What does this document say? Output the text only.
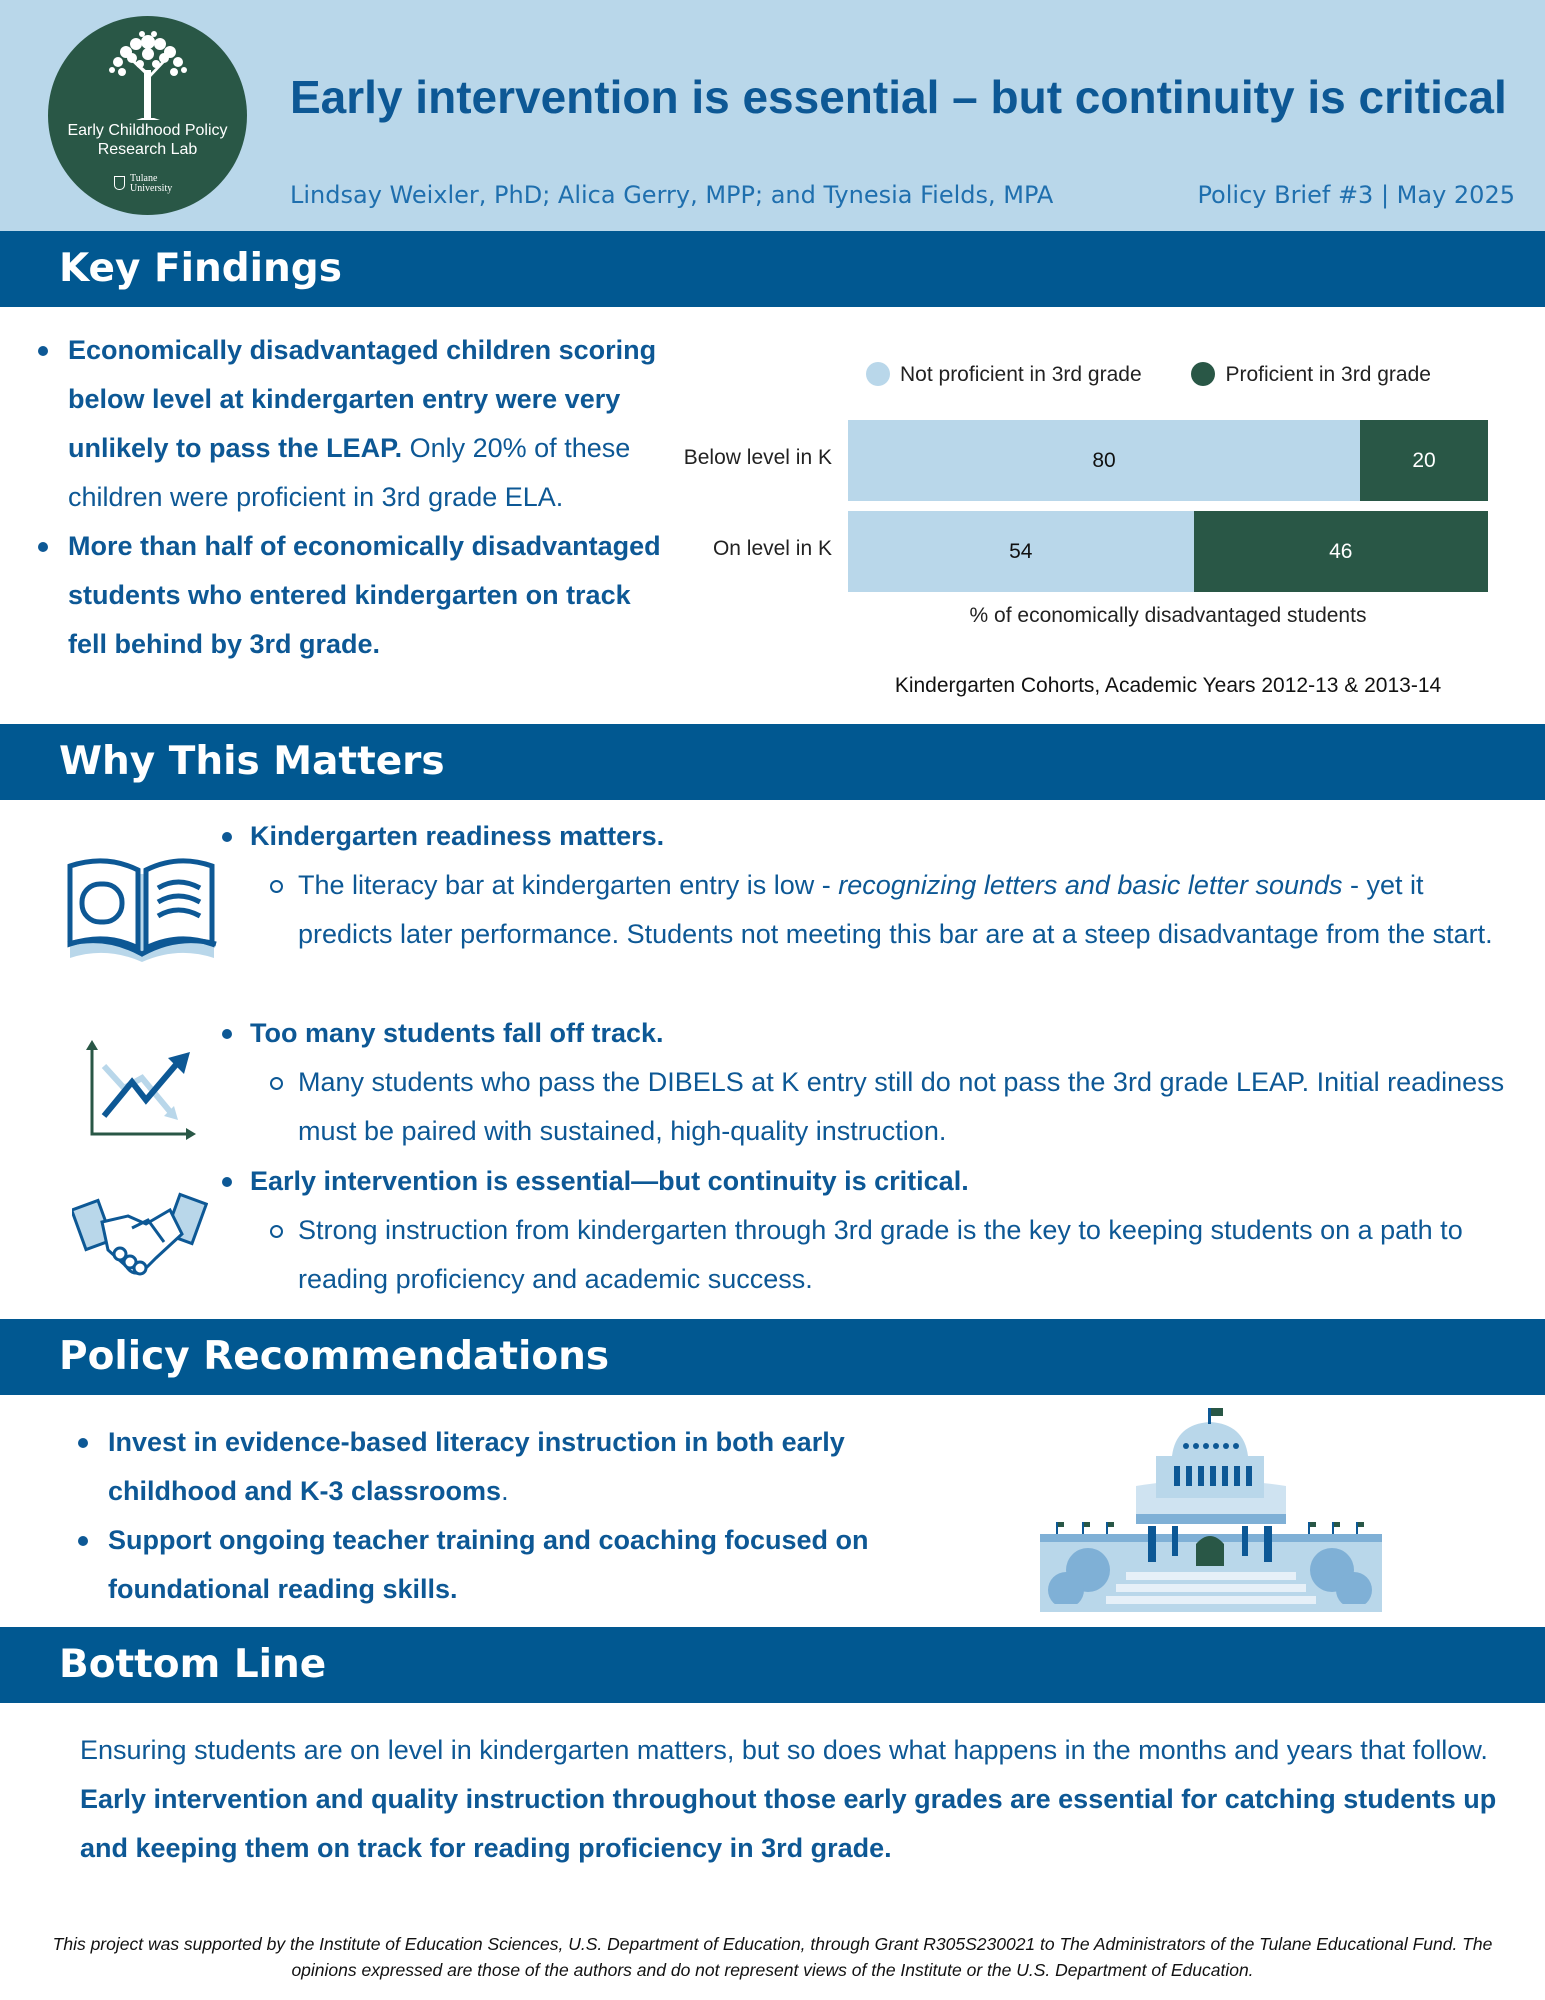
Early Childhood Policy Research Lab
Tulane University
Early intervention is essential – but continuity is critical
Lindsay Weixler, PhD; Alica Gerry, MPP; and Tynesia Fields, MPA	Policy Brief #3 | May 2025
Key Findings
Economically disadvantaged children scoring below level at kindergarten entry were very unlikely to pass the LEAP. Only 20% of these children were proficient in 3rd grade ELA.
More than half of economically disadvantaged students who entered kindergarten on track fell behind by 3rd grade.
Not proficient in 3rd grade	Proficient in 3rd grade
Below level in K	80	20
On level in K	54	46
% of economically disadvantaged students
Kindergarten Cohorts, Academic Years 2012-13 & 2013-14
Why This Matters
Kindergarten readiness matters.
The literacy bar at kindergarten entry is low - recognizing letters and basic letter sounds - yet it predicts later performance. Students not meeting this bar are at a steep disadvantage from the start.
Too many students fall off track.
Many students who pass the DIBELS at K entry still do not pass the 3rd grade LEAP. Initial readiness must be paired with sustained, high-quality instruction.
Early intervention is essential—but continuity is critical.
Strong instruction from kindergarten through 3rd grade is the key to keeping students on a path to reading proficiency and academic success.
Policy Recommendations
Invest in evidence-based literacy instruction in both early childhood and K-3 classrooms.
Support ongoing teacher training and coaching focused on foundational reading skills.
Bottom Line
Ensuring students are on level in kindergarten matters, but so does what happens in the months and years that follow. Early intervention and quality instruction throughout those early grades are essential for catching students up and keeping them on track for reading proficiency in 3rd grade.
This project was supported by the Institute of Education Sciences, U.S. Department of Education, through Grant R305S230021 to The Administrators of the Tulane Educational Fund. The opinions expressed are those of the authors and do not represent views of the Institute or the U.S. Department of Education.
